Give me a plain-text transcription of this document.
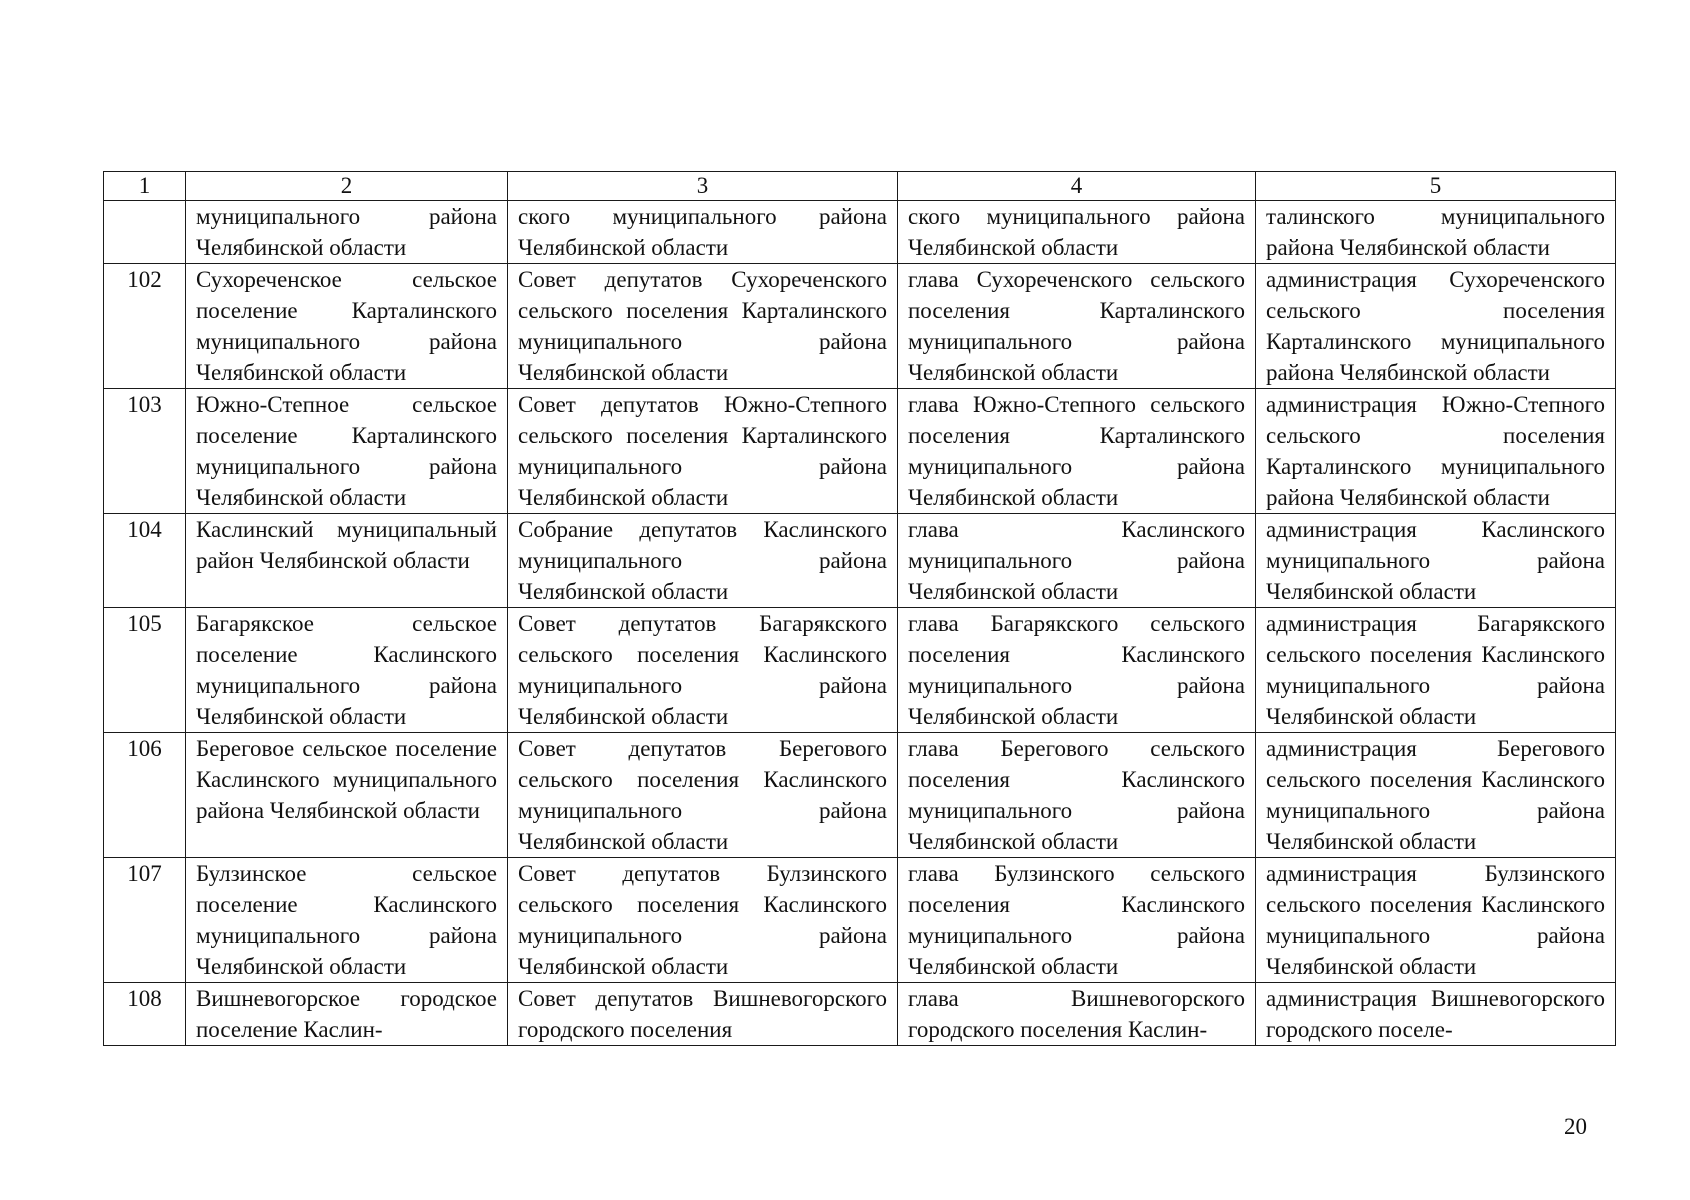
1	2	3	4	5
	муниципального района Челябинской области	ского муниципального района Челябинской области	ского муниципального района Челябинской области	талинского муниципального района Челябинской области
102	Сухореченское сельское поселение Карталинского муниципального района Челябинской области	Совет депутатов Сухореченского сельского поселения Карталинского муниципального района Челябинской области	глава Сухореченского сельского поселения Карталинского муниципального района Челябинской области	администрация Сухореченского сельского поселения Карталинского муниципального района Челябинской области
103	Южно-Степное сельское поселение Карталинского муниципального района Челябинской области	Совет депутатов Южно-Степного сельского поселения Карталинского муниципального района Челябинской области	глава Южно-Степного сельского поселения Карталинского муниципального района Челябинской области	администрация Южно-Степного сельского поселения Карталинского муниципального района Челябинской области
104	Каслинский муниципальный район Челябинской области	Собрание депутатов Каслинского муниципального района Челябинской области	глава Каслинского муниципального района Челябинской области	администрация Каслинского муниципального района Челябинской области
105	Багарякское сельское поселение Каслинского муниципального района Челябинской области	Совет депутатов Багарякского сельского поселения Каслинского муниципального района Челябинской области	глава Багарякского сельского поселения Каслинского муниципального района Челябинской области	администрация Багарякского сельского поселения Каслинского муниципального района Челябинской области
106	Береговое сельское поселение Каслинского муниципального района Челябинской области	Совет депутатов Берегового сельского поселения Каслинского муниципального района Челябинской области	глава Берегового сельского поселения Каслинского муниципального района Челябинской области	администрация Берегового сельского поселения Каслинского муниципального района Челябинской области
107	Булзинское сельское поселение Каслинского муниципального района Челябинской области	Совет депутатов Булзинского сельского поселения Каслинского муниципального района Челябинской области	глава Булзинского сельского поселения Каслинского муниципального района Челябинской области	администрация Булзинского сельского поселения Каслинского муниципального района Челябинской области
108	Вишневогорское городское поселение Каслин-	Совет депутатов Вишневогорского городского поселения	глава Вишневогорского городского поселения Каслин-	администрация Вишневогорского городского поселе-
20
